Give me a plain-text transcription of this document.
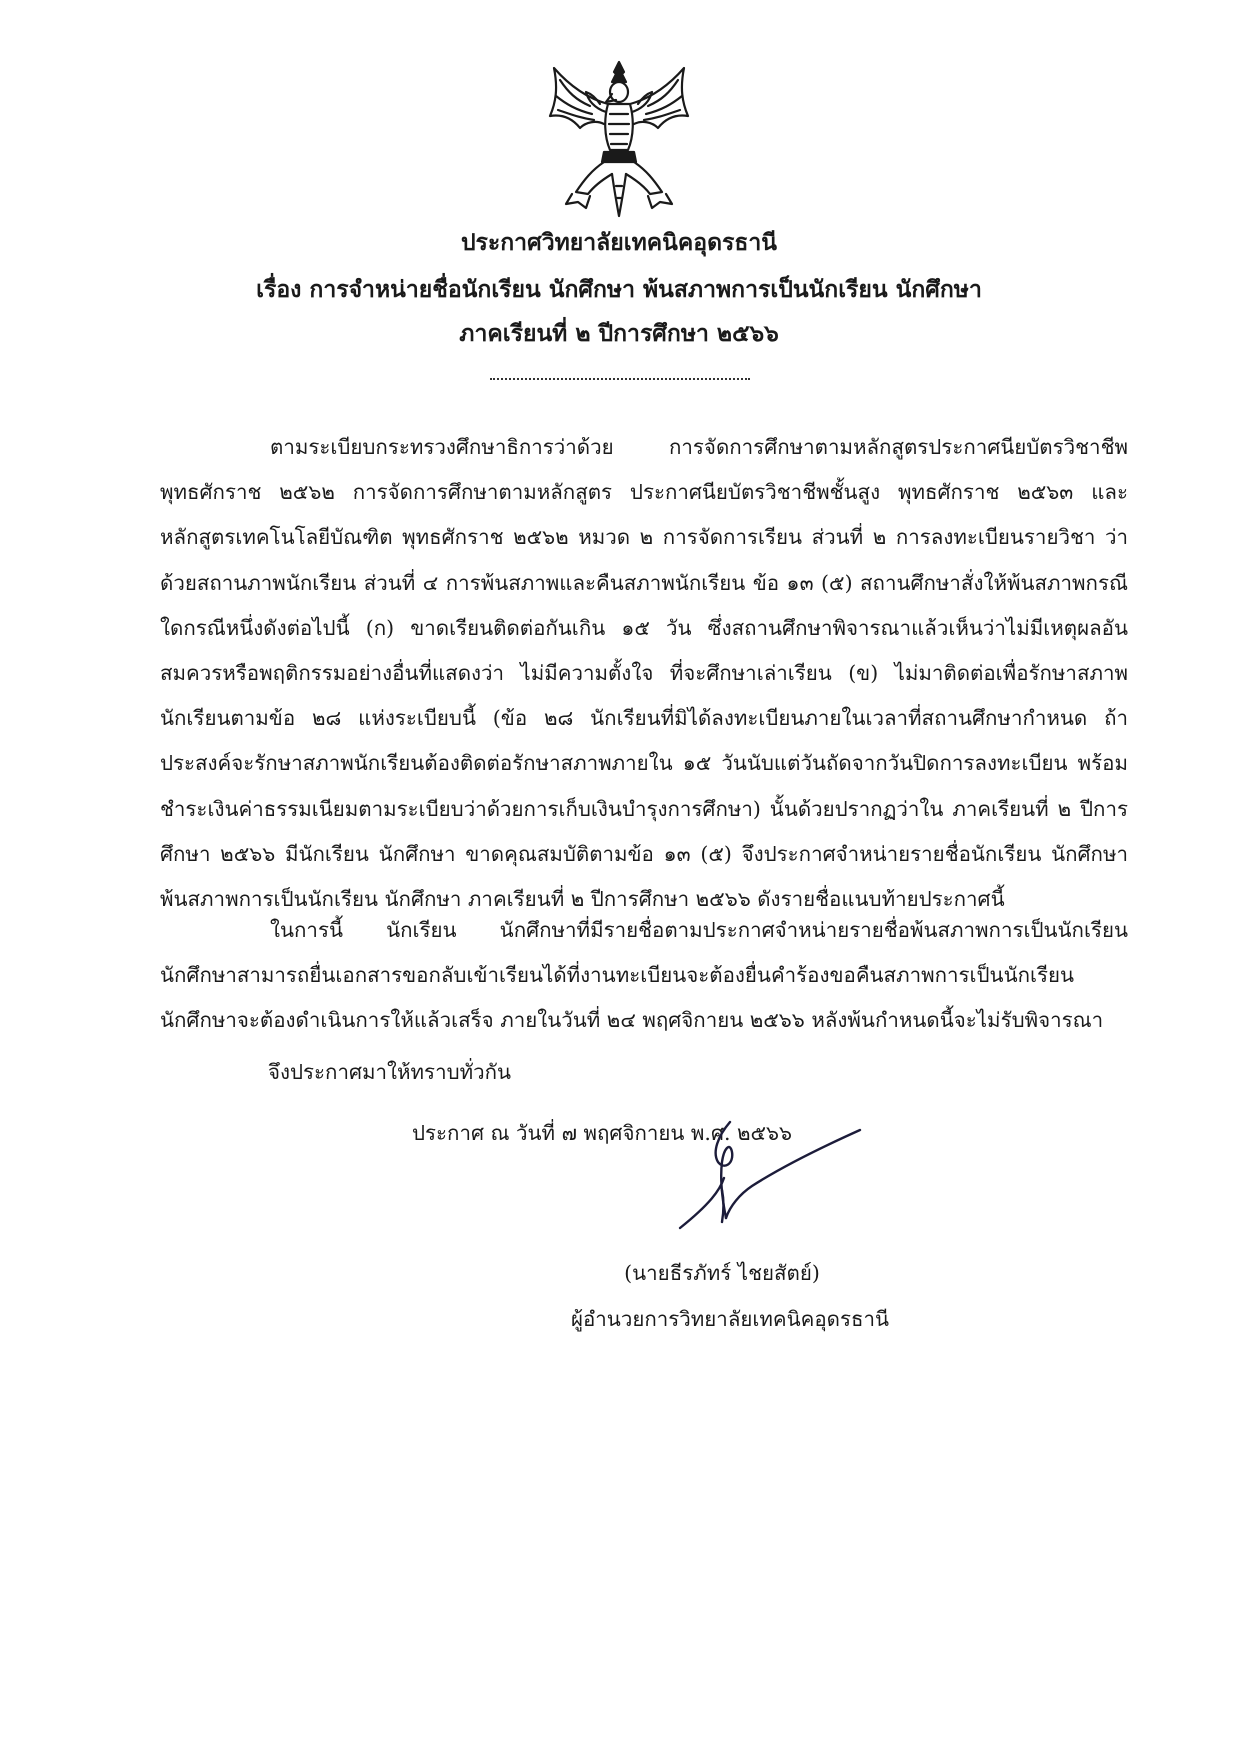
ประกาศวิทยาลัยเทคนิคอุดรธานี
เรื่อง การจำหน่ายชื่อนักเรียน นักศึกษา พ้นสภาพการเป็นนักเรียน นักศึกษา
ภาคเรียนที่ ๒ ปีการศึกษา ๒๕๖๖

ตามระเบียบกระทรวงศึกษาธิการว่าด้วย การจัดการศึกษาตามหลักสูตรประกาศนียบัตรวิชาชีพ พุทธศักราช ๒๕๖๒ การจัดการศึกษาตามหลักสูตร ประกาศนียบัตรวิชาชีพชั้นสูง พุทธศักราช ๒๕๖๓ และหลักสูตรเทคโนโลยีบัณฑิต พุทธศักราช ๒๕๖๒ หมวด ๒ การจัดการเรียน ส่วนที่ ๒ การลงทะเบียนรายวิชา ว่าด้วยสถานภาพนักเรียน ส่วนที่ ๔ การพ้นสภาพและคืนสภาพนักเรียน ข้อ ๑๓ (๕) สถานศึกษาสั่งให้พ้นสภาพกรณีใดกรณีหนึ่งดังต่อไปนี้ (ก) ขาดเรียนติดต่อกันเกิน ๑๕ วัน ซึ่งสถานศึกษาพิจารณาแล้วเห็นว่าไม่มีเหตุผลอันสมควรหรือพฤติกรรมอย่างอื่นที่แสดงว่า ไม่มีความตั้งใจ ที่จะศึกษาเล่าเรียน (ข) ไม่มาติดต่อเพื่อรักษาสภาพนักเรียนตามข้อ ๒๘ แห่งระเบียบนี้ (ข้อ ๒๘ นักเรียนที่มิได้ลงทะเบียนภายในเวลาที่สถานศึกษากำหนด ถ้าประสงค์จะรักษาสภาพนักเรียนต้องติดต่อรักษาสภาพภายใน ๑๕ วันนับแต่วันถัดจากวันปิดการลงทะเบียน พร้อมชำระเงินค่าธรรมเนียมตามระเบียบว่าด้วยการเก็บเงินบำรุงการศึกษา) นั้นด้วยปรากฏว่าใน ภาคเรียนที่ ๒ ปีการศึกษา ๒๕๖๖ มีนักเรียน นักศึกษา ขาดคุณสมบัติตามข้อ ๑๓ (๕) จึงประกาศจำหน่ายรายชื่อนักเรียน นักศึกษา พ้นสภาพการเป็นนักเรียน นักศึกษา ภาคเรียนที่ ๒ ปีการศึกษา ๒๕๖๖ ดังรายชื่อแนบท้ายประกาศนี้

ในการนี้ นักเรียน นักศึกษาที่มีรายชื่อตามประกาศจำหน่ายรายชื่อพ้นสภาพการเป็นนักเรียนนักศึกษาสามารถยื่นเอกสารขอกลับเข้าเรียนได้ที่งานทะเบียนจะต้องยื่นคำร้องขอคืนสภาพการเป็นนักเรียน นักศึกษาจะต้องดำเนินการให้แล้วเสร็จ ภายในวันที่ ๒๔ พฤศจิกายน ๒๕๖๖ หลังพ้นกำหนดนี้จะไม่รับพิจารณา

จึงประกาศมาให้ทราบทั่วกัน

ประกาศ ณ วันที่ ๗ พฤศจิกายน พ.ศ. ๒๕๖๖
(นายธีรภัทร์ ไชยสัตย์)
ผู้อำนวยการวิทยาลัยเทคนิคอุดรธานี
